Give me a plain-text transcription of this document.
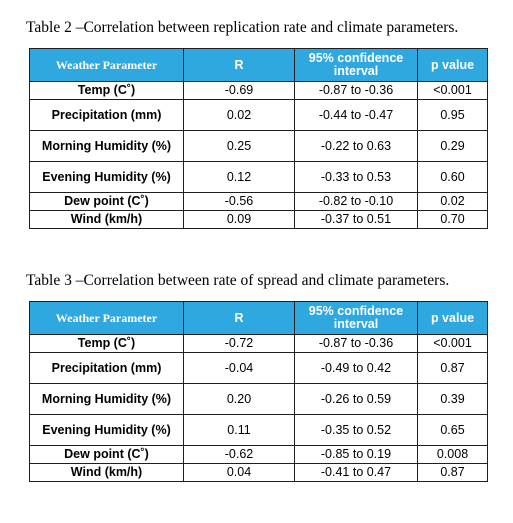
Table 2 –Correlation between replication rate and climate parameters.
Weather Parameter	R	95% confidence interval	p value
Temp (C˚)	-0.69	-0.87 to -0.36	<0.001
Precipitation (mm)	0.02	-0.44 to -0.47	0.95
Morning Humidity (%)	0.25	-0.22 to 0.63	0.29
Evening Humidity (%)	0.12	-0.33 to 0.53	0.60
Dew point (C˚)	-0.56	-0.82 to -0.10	0.02
Wind (km/h)	0.09	-0.37 to 0.51	0.70
Table 3 –Correlation between rate of spread and climate parameters.
Weather Parameter	R	95% confidence interval	p value
Temp (C˚)	-0.72	-0.87 to -0.36	<0.001
Precipitation (mm)	-0.04	-0.49 to 0.42	0.87
Morning Humidity (%)	0.20	-0.26 to 0.59	0.39
Evening Humidity (%)	0.11	-0.35 to 0.52	0.65
Dew point (C˚)	-0.62	-0.85 to 0.19	0.008
Wind (km/h)	0.04	-0.41 to 0.47	0.87
